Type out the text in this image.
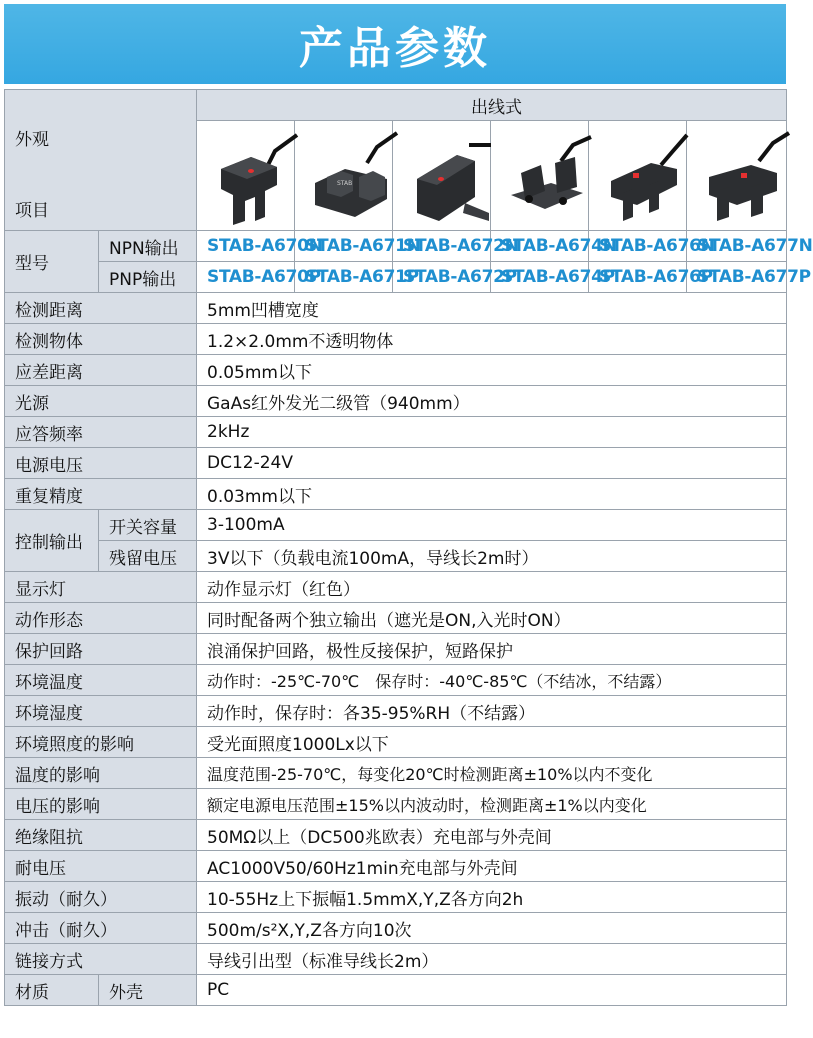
产品参数
外观
项目		出线式					

STAB

型号	NPN输出	STAB-A670N	STAB-A671N	STAB-A672N	STAB-A674N	STAB-A676N	STAB-A677N
	PNP输出	STAB-A670P	STAB-A671P	STAB-A672P	STAB-A674P	STAB-A676P	STAB-A677P
检测距离		5mm凹槽宽度					
检测物体		1.2×2.0mm不透明物体					
应差距离		0.05mm以下					
光源		GaAs红外发光二级管（940mm）					
应答频率		2kHz					
电源电压		DC12-24V					
重复精度		0.03mm以下					
控制输出	开关容量	3-100mA					
	残留电压	3V以下（负载电流100mA，导线长2m时）					
显示灯		动作显示灯（红色）					
动作形态		同时配备两个独立输出（遮光是ON,入光时ON）					
保护回路		浪涌保护回路，极性反接保护，短路保护					
环境温度		动作时：-25℃-70℃　保存时：-40℃-85℃（不结冰，不结露）					
环境湿度		动作时，保存时：各35-95%RH（不结露）					
环境照度的影响		受光面照度1000Lx以下					
温度的影响		温度范围-25-70℃，每变化20℃时检测距离±10%以内不变化					
电压的影响		额定电源电压范围±15%以内波动时，检测距离±1%以内变化					
绝缘阻抗		50MΩ以上（DC500兆欧表）充电部与外壳间					
耐电压		AC1000V50/60Hz1min充电部与外壳间					
振动（耐久）		10-55Hz上下振幅1.5mmX,Y,Z各方向2h					
冲击（耐久）		500m/s²X,Y,Z各方向10次					
链接方式		导线引出型（标准导线长2m）					
材质	外壳	PC					
